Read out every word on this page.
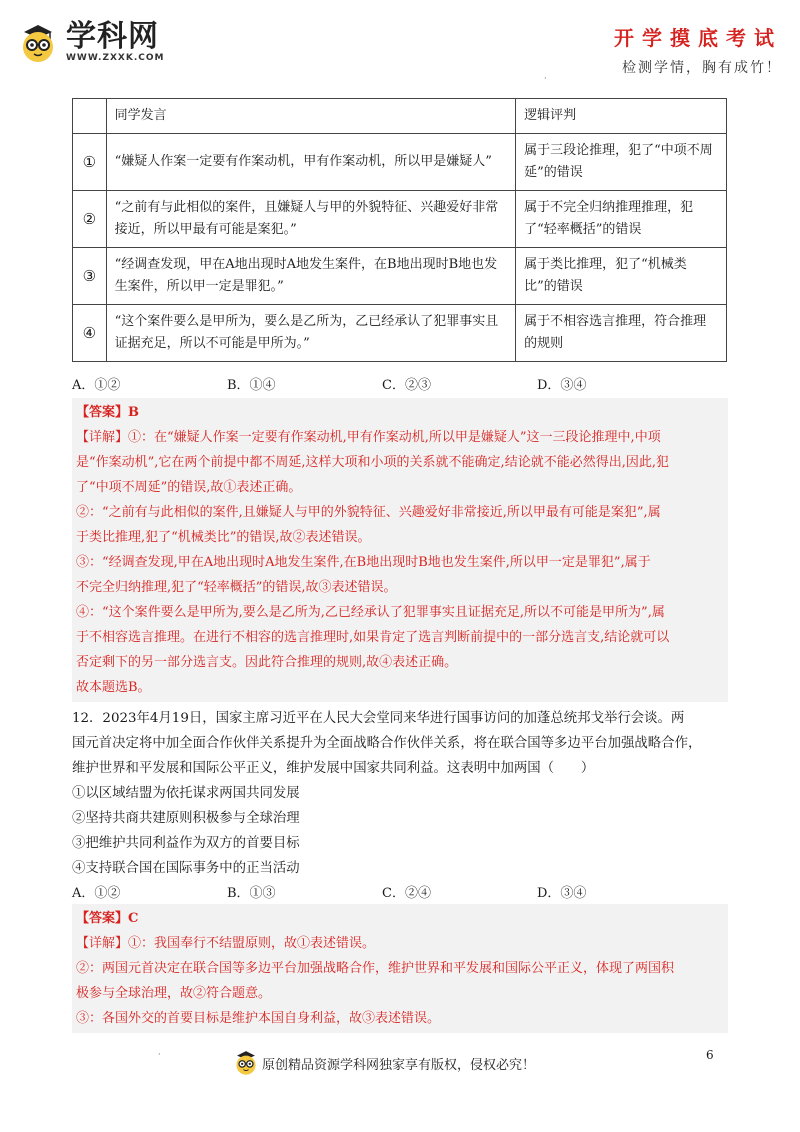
学科网
WWW.ZXXK.COM
开学摸底考试
检测学情，胸有成竹！
·
	同学发言	逻辑评判
①	“嫌疑人作案一定要有作案动机，甲有作案动机，所以甲是嫌疑人”	属于三段论推理，犯了“中项不周延”的错误
②	“之前有与此相似的案件，且嫌疑人与甲的外貌特征、兴趣爱好非常接近，所以甲最有可能是案犯。”	属于不完全归纳推理推理，犯了“轻率概括”的错误
③	“经调查发现，甲在A地出现时A地发生案件，在B地出现时B地也发生案件，所以甲一定是罪犯。”	属于类比推理，犯了“机械类比”的错误
④	“这个案件要么是甲所为，要么是乙所为，乙已经承认了犯罪事实且证据充足，所以不可能是甲所为。”	属于不相容选言推理，符合推理的规则
A．①②	B．①④	C．②③	D．③④

【答案】B

【详解】①：在“嫌疑人作案一定要有作案动机,甲有作案动机,所以甲是嫌疑人”这一三段论推理中,中项

是“作案动机”,它在两个前提中都不周延,这样大项和小项的关系就不能确定,结论就不能必然得出,因此,犯

了“中项不周延”的错误,故①表述正确。

②：“之前有与此相似的案件,且嫌疑人与甲的外貌特征、兴趣爱好非常接近,所以甲最有可能是案犯”,属

于类比推理,犯了“机械类比”的错误,故②表述错误。

③：“经调查发现,甲在A地出现时A地发生案件,在B地出现时B地也发生案件,所以甲一定是罪犯”,属于

不完全归纳推理,犯了“轻率概括”的错误,故③表述错误。

④：“这个案件要么是甲所为,要么是乙所为,乙已经承认了犯罪事实且证据充足,所以不可能是甲所为”,属

于不相容选言推理。在进行不相容的选言推理时,如果肯定了选言判断前提中的一部分选言支,结论就可以

否定剩下的另一部分选言支。因此符合推理的规则,故④表述正确。

故本题选B。

12．2023年4月19日，国家主席习近平在人民大会堂同来华进行国事访问的加蓬总统邦戈举行会谈。两

国元首决定将中加全面合作伙伴关系提升为全面战略合作伙伴关系，将在联合国等多边平台加强战略合作，

维护世界和平发展和国际公平正义，维护发展中国家共同利益。这表明中加两国（　　）

①以区域结盟为依托谋求两国共同发展

②坚持共商共建原则积极参与全球治理

③把维护共同利益作为双方的首要目标

④支持联合国在国际事务中的正当活动

A．①②	B．①③	C．②④	D．③④

【答案】C

【详解】①：我国奉行不结盟原则，故①表述错误。

②：两国元首决定在联合国等多边平台加强战略合作，维护世界和平发展和国际公平正义，体现了两国积

极参与全球治理，故②符合题意。

③：各国外交的首要目标是维护本国自身利益，故③表述错误。

·
原创精品资源学科网独家享有版权，侵权必究！
6
